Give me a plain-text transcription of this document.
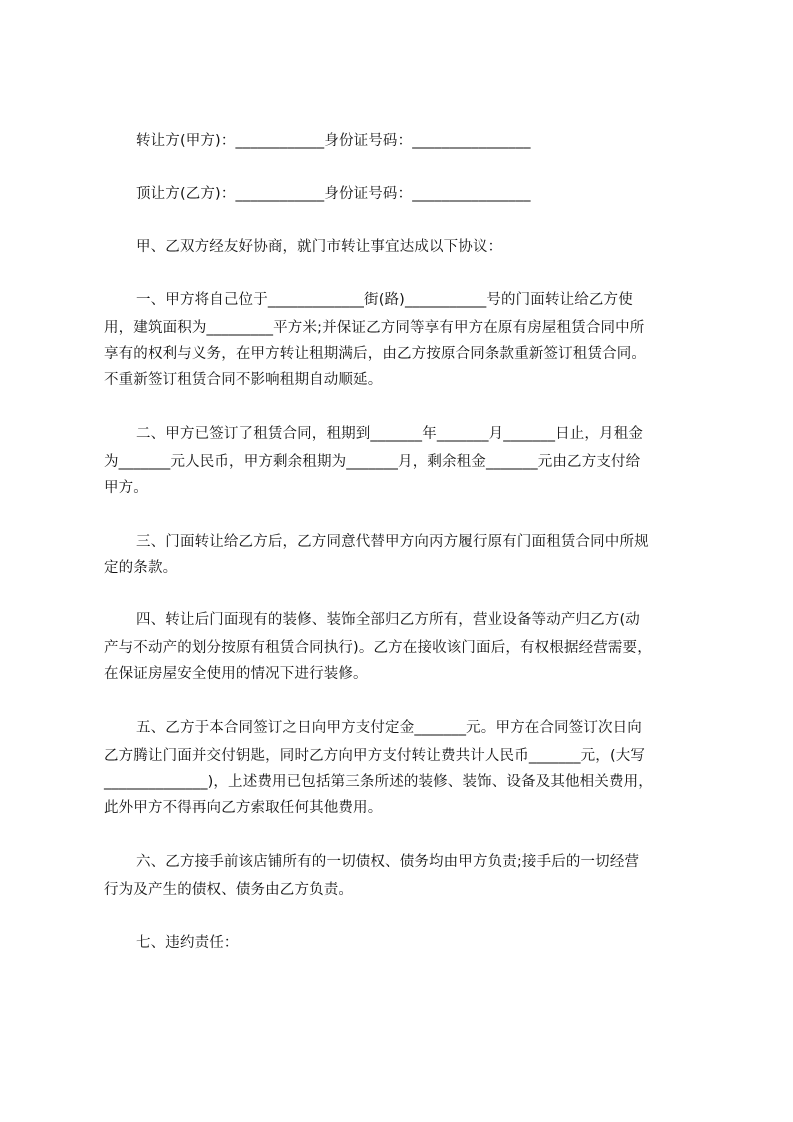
转让方(甲方)：____________身份证号码：________________
顶让方(乙方)：____________身份证号码：________________
甲、乙双方经友好协商，就门市转让事宜达成以下协议：
一、甲方将自己位于_____________街(路)___________号的门面转让给乙方使
用，建筑面积为_________平方米;并保证乙方同等享有甲方在原有房屋租赁合同中所
享有的权利与义务，在甲方转让租期满后，由乙方按原合同条款重新签订租赁合同。
不重新签订租赁合同不影响租期自动顺延。
二、甲方已签订了租赁合同，租期到_______年_______月_______日止，月租金
为_______元人民币，甲方剩余租期为_______月，剩余租金_______元由乙方支付给
甲方。
三、门面转让给乙方后，乙方同意代替甲方向丙方履行原有门面租赁合同中所规
定的条款。
四、转让后门面现有的装修、装饰全部归乙方所有，营业设备等动产归乙方(动
产与不动产的划分按原有租赁合同执行)。乙方在接收该门面后，有权根据经营需要，
在保证房屋安全使用的情况下进行装修。
五、乙方于本合同签订之日向甲方支付定金_______元。甲方在合同签订次日向
乙方腾让门面并交付钥匙，同时乙方向甲方支付转让费共计人民币_______元，(大写
______________)，上述费用已包括第三条所述的装修、装饰、设备及其他相关费用，
此外甲方不得再向乙方索取任何其他费用。
六、乙方接手前该店铺所有的一切债权、债务均由甲方负责;接手后的一切经营
行为及产生的债权、债务由乙方负责。
七、违约责任：
